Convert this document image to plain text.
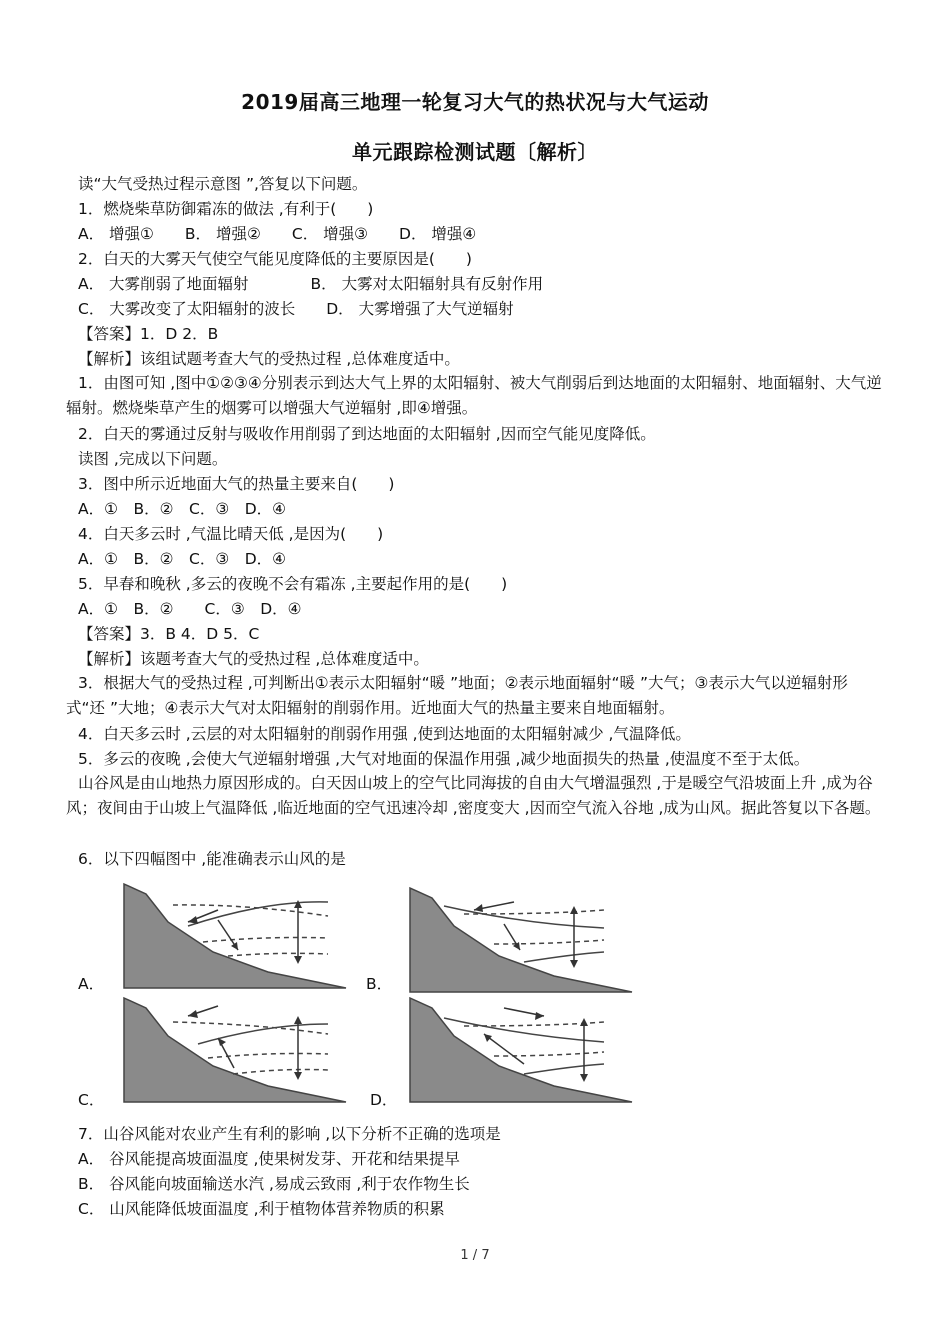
2019届高三地理一轮复习大气的热状况与大气运动
单元跟踪检测试题〔解析〕
读“大气受热过程示意图 ”,答复以下问题。
1．燃烧柴草防御霜冻的做法 ,有利于(　　)
A． 增强①　　B． 增强②　　C． 增强③　　D． 增强④
2．白天的大雾天气使空气能见度降低的主要原因是(　　)
A． 大雾削弱了地面辐射　　　　B． 大雾对太阳辐射具有反射作用
C． 大雾改变了太阳辐射的波长　　D． 大雾增强了大气逆辐射
【答案】1．D 2．B
【解析】该组试题考查大气的受热过程 ,总体难度适中。
1．由图可知 ,图中①②③④分别表示到达大气上界的太阳辐射、被大气削弱后到达地面的太阳辐射、地面辐射、大气逆辐射。燃烧柴草产生的烟雾可以增强大气逆辐射 ,即④增强。
2．白天的雾通过反射与吸收作用削弱了到达地面的太阳辐射 ,因而空气能见度降低。
读图 ,完成以下问题。
3．图中所示近地面大气的热量主要来自(　　)
A．①　B．②　C．③　D．④
4．白天多云时 ,气温比晴天低 ,是因为(　　)
A．①　B．②　C．③　D．④
5．早春和晚秋 ,多云的夜晚不会有霜冻 ,主要起作用的是(　　)
A．①　B．②　　C．③　D．④
【答案】3．B 4．D 5．C
【解析】该题考查大气的受热过程 ,总体难度适中。
3．根据大气的受热过程 ,可判断出①表示太阳辐射“暖 ”地面；②表示地面辐射“暖 ”大气；③表示大气以逆辐射形式“还 ”大地；④表示大气对太阳辐射的削弱作用。近地面大气的热量主要来自地面辐射。
4．白天多云时 ,云层的对太阳辐射的削弱作用强 ,使到达地面的太阳辐射减少 ,气温降低。
5．多云的夜晚 ,会使大气逆辐射增强 ,大气对地面的保温作用强 ,减少地面损失的热量 ,使温度不至于太低。
山谷风是由山地热力原因形成的。白天因山坡上的空气比同海拔的自由大气增温强烈 ,于是暖空气沿坡面上升 ,成为谷风；夜间由于山坡上气温降低 ,临近地面的空气迅速冷却 ,密度变大 ,因而空气流入谷地 ,成为山风。据此答复以下各题。
6．以下四幅图中 ,能准确表示山风的是
A．	B．
C．	D．
7．山谷风能对农业产生有利的影响 ,以下分析不正确的选项是
A． 谷风能提高坡面温度 ,使果树发芽、开花和结果提早
B． 谷风能向坡面输送水汽 ,易成云致雨 ,利于农作物生长
C． 山风能降低坡面温度 ,利于植物体营养物质的积累
1 / 7
